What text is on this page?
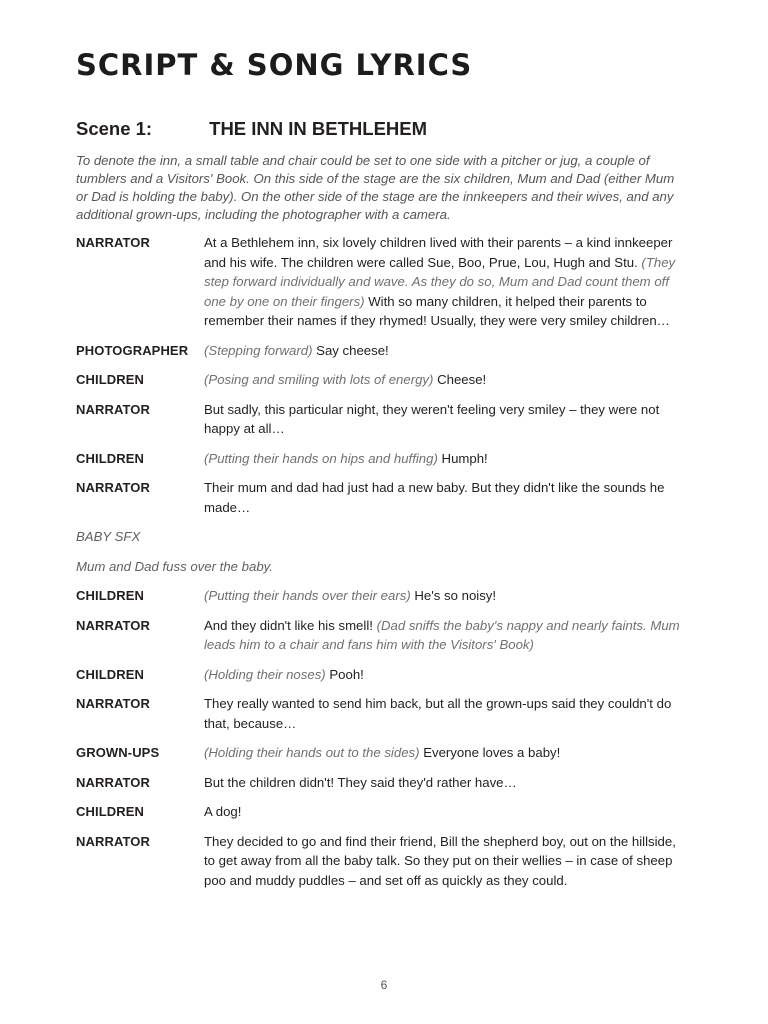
SCRIPT & SONG LYRICS
Scene 1:	THE INN IN BETHLEHEM

To denote the inn, a small table and chair could be set to one side with a pitcher or jug, a couple of tumblers and a Visitors' Book. On this side of the stage are the six children, Mum and Dad (either Mum or Dad is holding the baby). On the other side of the stage are the innkeepers and their wives, and any additional grown-ups, including the photographer with a camera.

NARRATOR	At a Bethlehem inn, six lovely children lived with their parents – a kind innkeeper and his wife. The children were called Sue, Boo, Prue, Lou, Hugh and Stu. (They step forward individually and wave. As they do so, Mum and Dad count them off one by one on their fingers) With so many children, it helped their parents to remember their names if they rhymed! Usually, they were very smiley children…
PHOTOGRAPHER	(Stepping forward) Say cheese!
CHILDREN	(Posing and smiling with lots of energy) Cheese!
NARRATOR	But sadly, this particular night, they weren't feeling very smiley – they were not happy at all…
CHILDREN	(Putting their hands on hips and huffing) Humph!
NARRATOR	Their mum and dad had just had a new baby. But they didn't like the sounds he made…
BABY SFX
Mum and Dad fuss over the baby.
CHILDREN	(Putting their hands over their ears) He's so noisy!
NARRATOR	And they didn't like his smell! (Dad sniffs the baby's nappy and nearly faints. Mum leads him to a chair and fans him with the Visitors' Book)
CHILDREN	(Holding their noses) Pooh!
NARRATOR	They really wanted to send him back, but all the grown-ups said they couldn't do that, because…
GROWN-UPS	(Holding their hands out to the sides) Everyone loves a baby!
NARRATOR	But the children didn't! They said they'd rather have…
CHILDREN	A dog!
NARRATOR	They decided to go and find their friend, Bill the shepherd boy, out on the hillside, to get away from all the baby talk. So they put on their wellies – in case of sheep poo and muddy puddles – and set off as quickly as they could.
6
